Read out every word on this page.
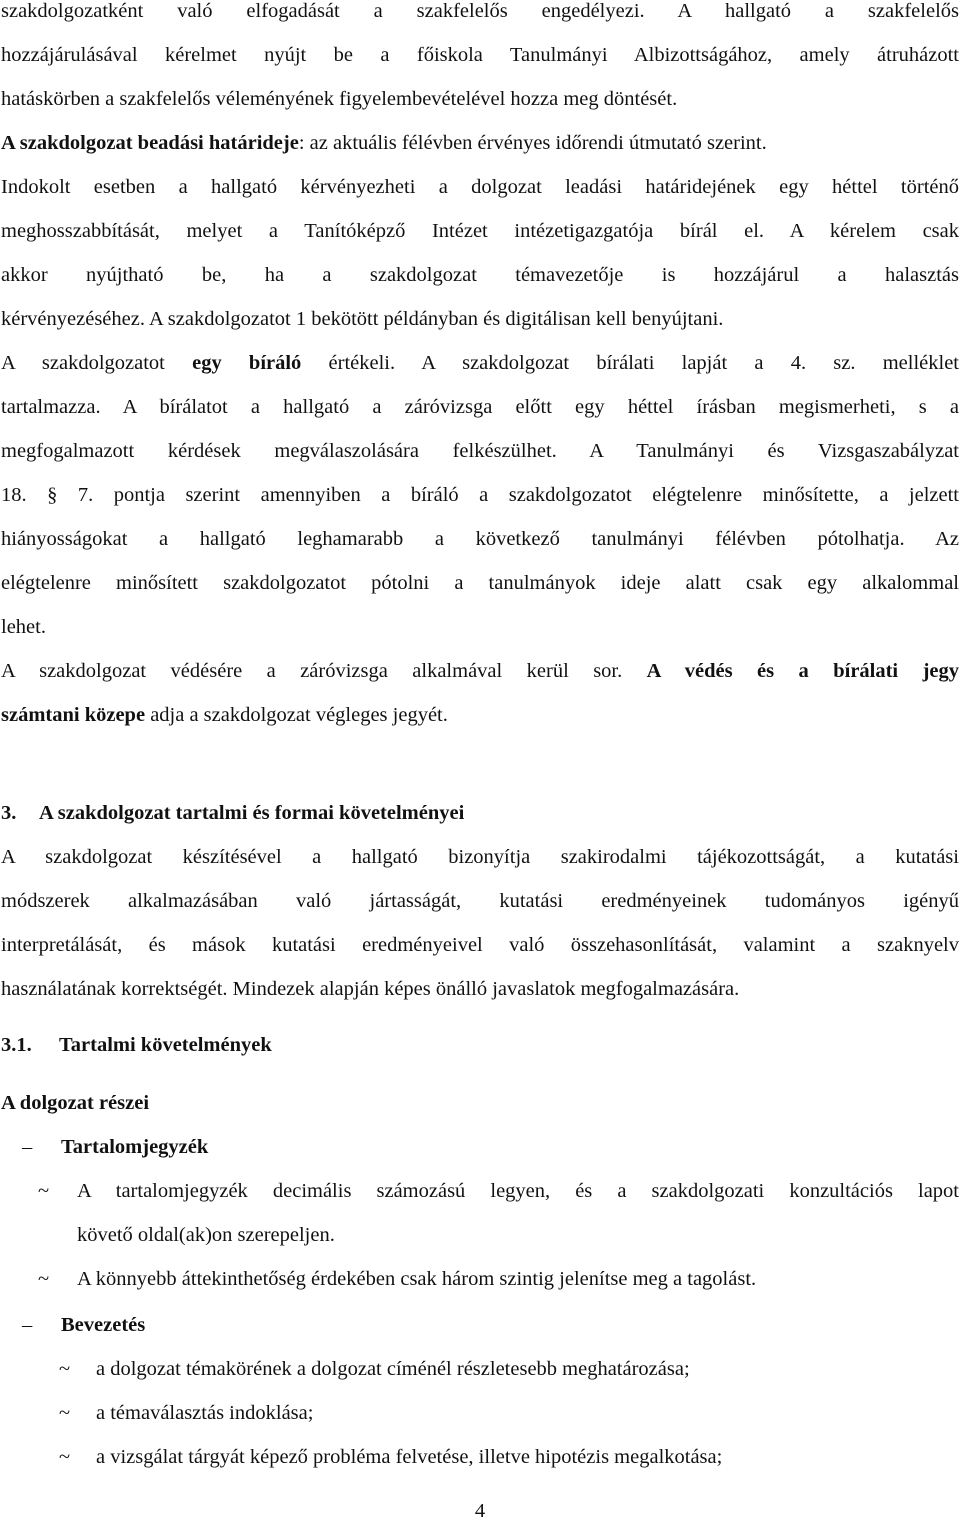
szakdolgozatként való elfogadását a szakfelelős engedélyezi. A hallgató a szakfelelős
hozzájárulásával kérelmet nyújt be a főiskola Tanulmányi Albizottságához, amely átruházott
hatáskörben a szakfelelős véleményének figyelembevételével hozza meg döntését.
A szakdolgozat beadási határideje: az aktuális félévben érvényes időrendi útmutató szerint.
Indokolt esetben a hallgató kérvényezheti a dolgozat leadási határidejének egy héttel történő
meghosszabbítását, melyet a Tanítóképző Intézet intézetigazgatója bírál el. A kérelem csak
akkor nyújtható be, ha a szakdolgozat témavezetője is hozzájárul a halasztás
kérvényezéséhez. A szakdolgozatot 1 bekötött példányban és digitálisan kell benyújtani.
A szakdolgozatot egy bíráló értékeli. A szakdolgozat bírálati lapját a 4. sz. melléklet
tartalmazza. A bírálatot a hallgató a záróvizsga előtt egy héttel írásban megismerheti, s a
megfogalmazott kérdések megválaszolására felkészülhet. A Tanulmányi és Vizsgaszabályzat
18. § 7. pontja szerint amennyiben a bíráló a szakdolgozatot elégtelenre minősítette, a jelzett
hiányosságokat a hallgató leghamarabb a következő tanulmányi félévben pótolhatja. Az
elégtelenre minősített szakdolgozatot pótolni a tanulmányok ideje alatt csak egy alkalommal
lehet.
A szakdolgozat védésére a záróvizsga alkalmával kerül sor. A védés és a bírálati jegy
számtani közepe adja a szakdolgozat végleges jegyét.
3. A szakdolgozat tartalmi és formai követelményei
A szakdolgozat készítésével a hallgató bizonyítja szakirodalmi tájékozottságát, a kutatási
módszerek alkalmazásában való jártasságát, kutatási eredményeinek tudományos igényű
interpretálását, és mások kutatási eredményeivel való összehasonlítását, valamint a szaknyelv
használatának korrektségét. Mindezek alapján képes önálló javaslatok megfogalmazására.
3.1. Tartalmi követelmények
A dolgozat részei
– Tartalomjegyzék
~ A tartalomjegyzék decimális számozású legyen, és a szakdolgozati konzultációs lapot
követő oldal(ak)on szerepeljen.
~ A könnyebb áttekinthetőség érdekében csak három szintig jelenítse meg a tagolást.
– Bevezetés
~ a dolgozat témakörének a dolgozat címénél részletesebb meghatározása;
~ a témaválasztás indoklása;
~ a vizsgálat tárgyát képező probléma felvetése, illetve hipotézis megalkotása;
4
